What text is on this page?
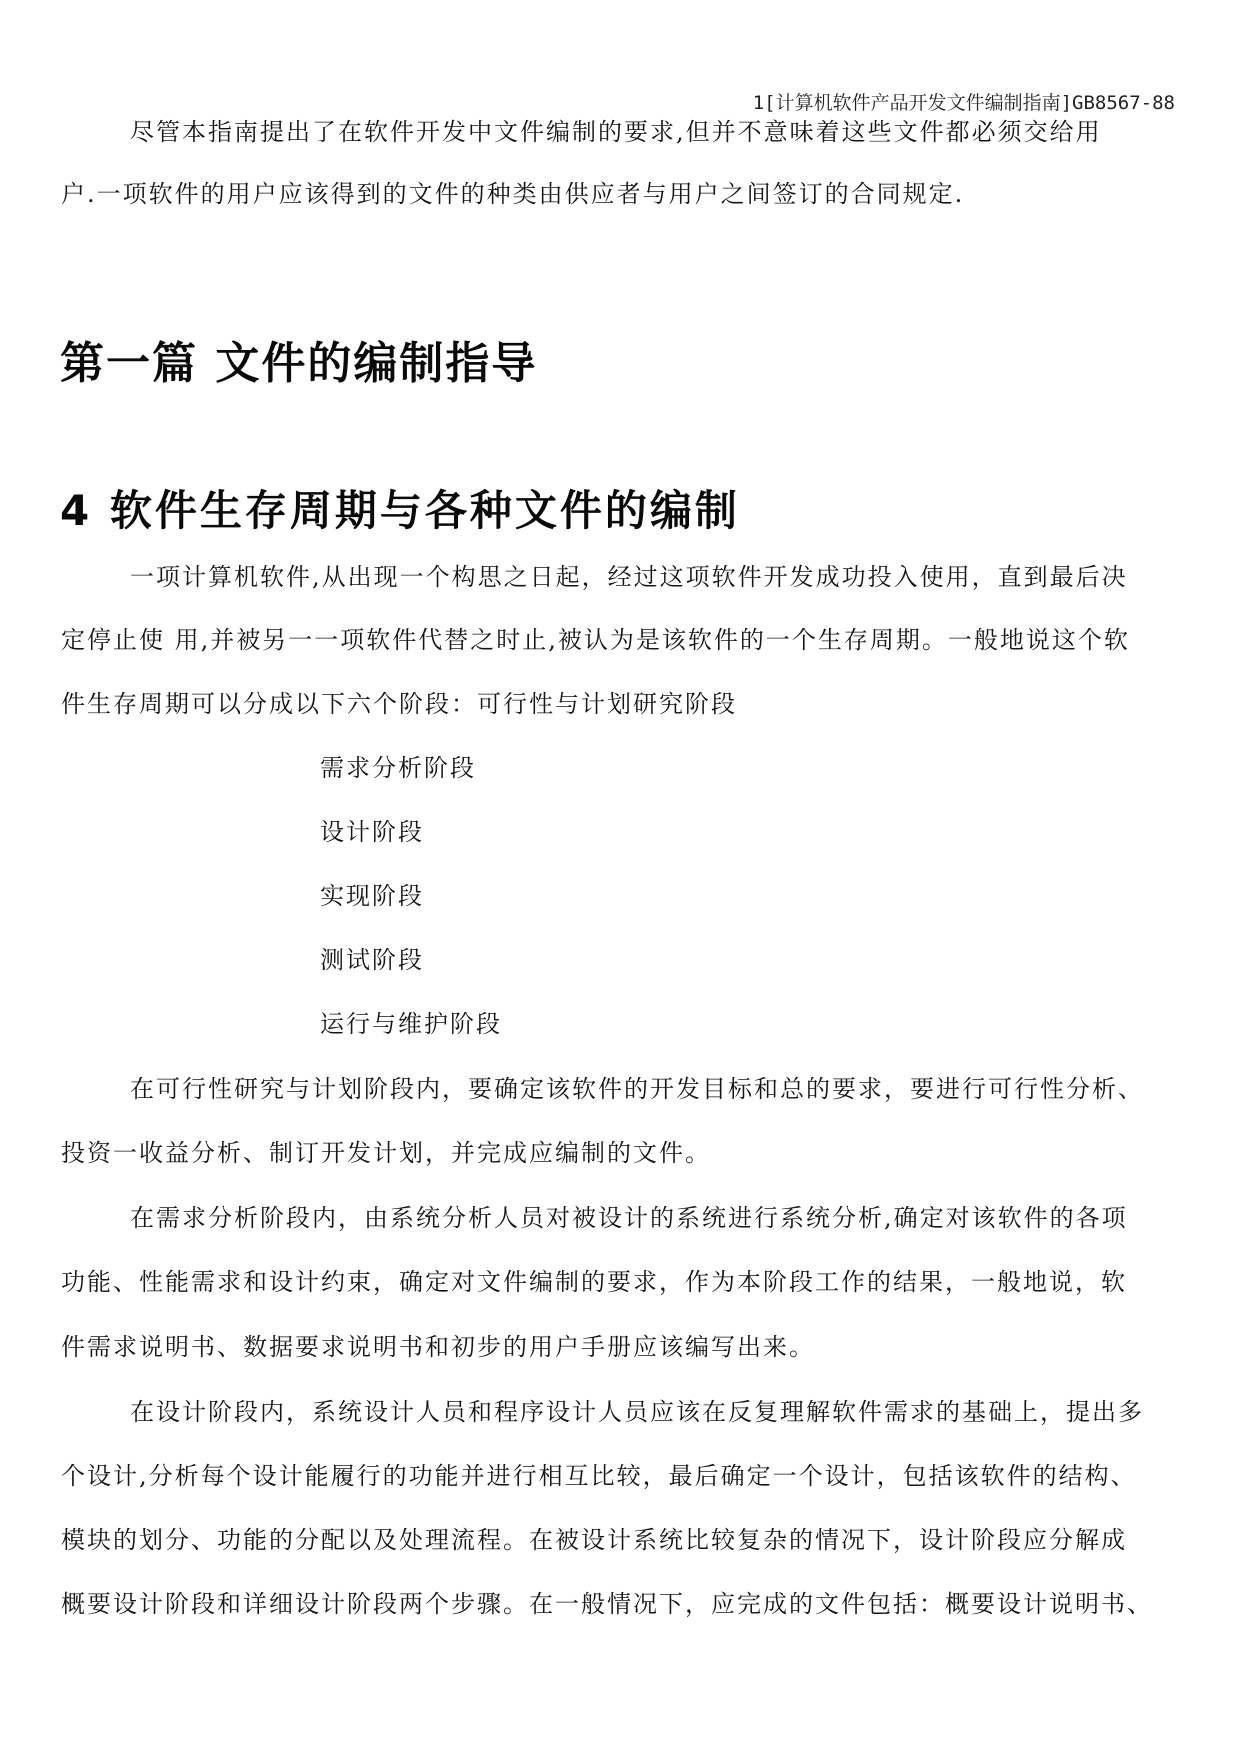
1[计算机软件产品开发文件编制指南]GB8567-88
尽管本指南提出了在软件开发中文件编制的要求,但并不意味着这些文件都必须交给用
户.一项软件的用户应该得到的文件的种类由供应者与用户之间签订的合同规定.
第一篇 文件的编制指导
4 软件生存周期与各种文件的编制
一项计算机软件,从出现一个构思之日起，经过这项软件开发成功投入使用，直到最后决
定停止使 用,并被另一一项软件代替之时止,被认为是该软件的一个生存周期。一般地说这个软
件生存周期可以分成以下六个阶段：可行性与计划研究阶段
需求分析阶段
设计阶段
实现阶段
测试阶段
运行与维护阶段
在可行性研究与计划阶段内，要确定该软件的开发目标和总的要求，要进行可行性分析、
投资一收益分析、制订开发计划，并完成应编制的文件。
在需求分析阶段内，由系统分析人员对被设计的系统进行系统分析,确定对该软件的各项
功能、性能需求和设计约束，确定对文件编制的要求，作为本阶段工作的结果，一般地说，软
件需求说明书、数据要求说明书和初步的用户手册应该编写出来。
在设计阶段内，系统设计人员和程序设计人员应该在反复理解软件需求的基础上，提出多
个设计,分析每个设计能履行的功能并进行相互比较，最后确定一个设计，包括该软件的结构、
模块的划分、功能的分配以及处理流程。在被设计系统比较复杂的情况下，设计阶段应分解成
概要设计阶段和详细设计阶段两个步骤。在一般情况下，应完成的文件包括：概要设计说明书、
